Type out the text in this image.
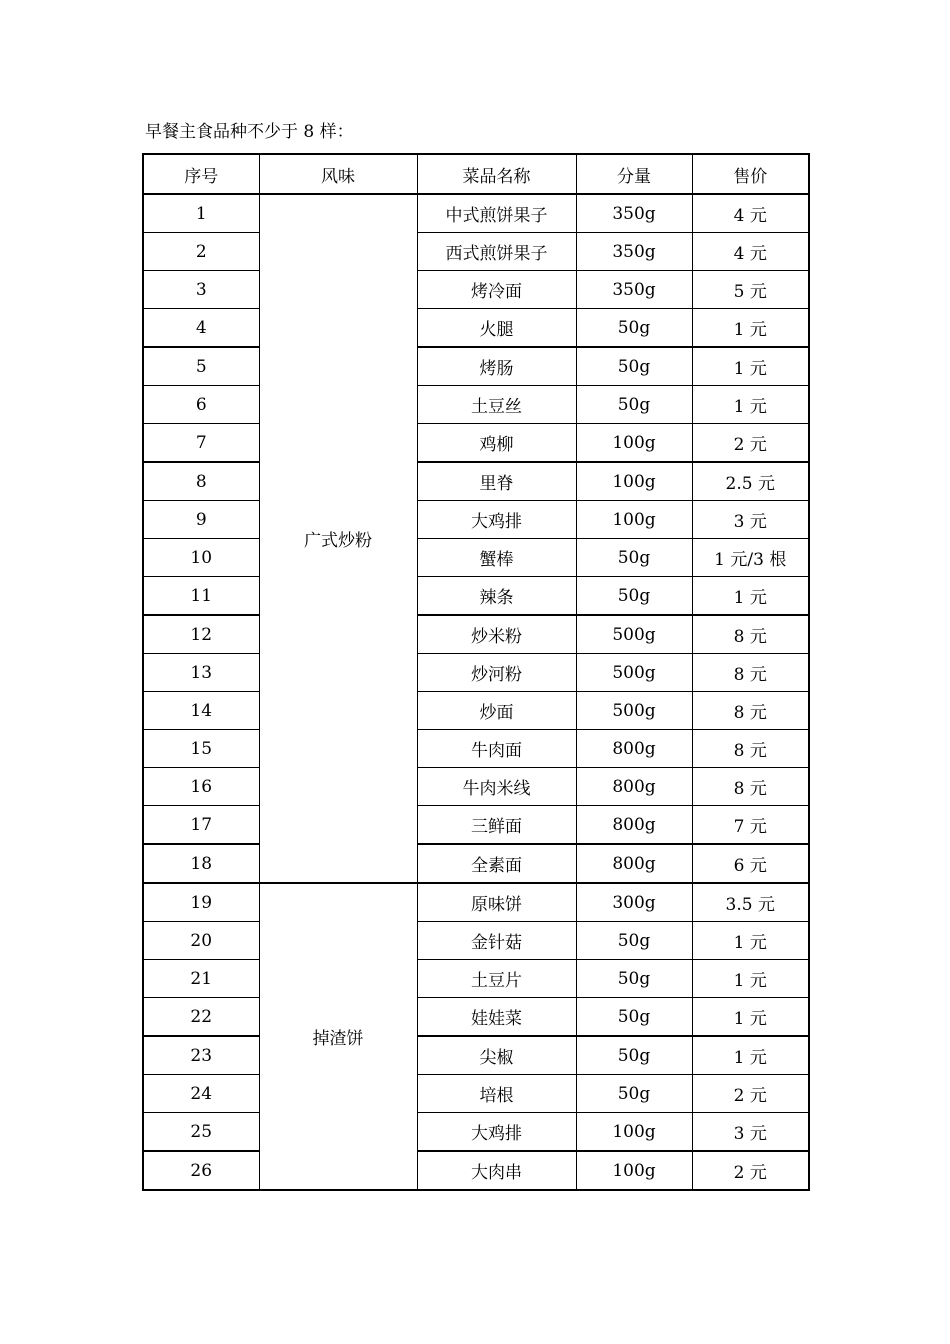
早餐主食品种不少于 8 样：
序号	风味	菜品名称	分量	售价
1	广式炒粉	中式煎饼果子	350g	4 元
2		西式煎饼果子	350g	4 元
3		烤冷面	350g	5 元
4		火腿	50g	1 元
5		烤肠	50g	1 元
6		土豆丝	50g	1 元
7		鸡柳	100g	2 元
8		里脊	100g	2.5 元
9		大鸡排	100g	3 元
10		蟹棒	50g	1 元/3 根
11		辣条	50g	1 元
12		炒米粉	500g	8 元
13		炒河粉	500g	8 元
14		炒面	500g	8 元
15		牛肉面	800g	8 元
16		牛肉米线	800g	8 元
17		三鲜面	800g	7 元
18		全素面	800g	6 元
19	掉渣饼	原味饼	300g	3.5 元
20		金针菇	50g	1 元
21		土豆片	50g	1 元
22		娃娃菜	50g	1 元
23		尖椒	50g	1 元
24		培根	50g	2 元
25		大鸡排	100g	3 元
26		大肉串	100g	2 元
